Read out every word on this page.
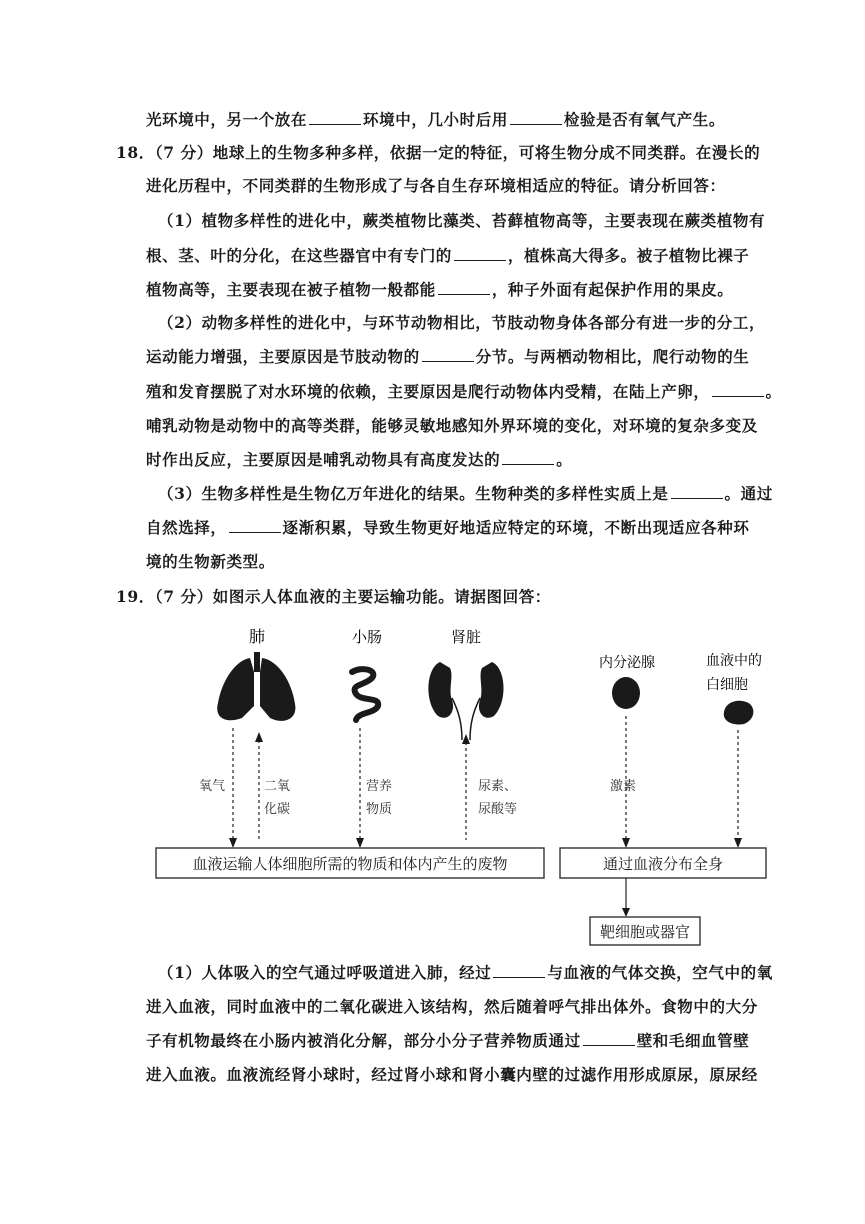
光环境中，另一个放在	环境中，几小时后用	检验是否有氧气产生。
18．（7 分）地球上的生物多种多样，依据一定的特征，可将生物分成不同类群。在漫长的
进化历程中，不同类群的生物形成了与各自生存环境相适应的特征。请分析回答：
（1）植物多样性的进化中，蕨类植物比藻类、苔藓植物高等，主要表现在蕨类植物有
根、茎、叶的分化，在这些器官中有专门的	，植株高大得多。被子植物比裸子
植物高等，主要表现在被子植物一般都能	，种子外面有起保护作用的果皮。
（2）动物多样性的进化中，与环节动物相比，节肢动物身体各部分有进一步的分工，
运动能力增强，主要原因是节肢动物的	分节。与两栖动物相比，爬行动物的生
殖和发育摆脱了对水环境的依赖，主要原因是爬行动物体内受精，在陆上产卵，	。
哺乳动物是动物中的高等类群，能够灵敏地感知外界环境的变化，对环境的复杂多变及
时作出反应，主要原因是哺乳动物具有高度发达的	。
（3）生物多样性是生物亿万年进化的结果。生物种类的多样性实质上是	。通过
自然选择，	逐渐积累，导致生物更好地适应特定的环境，不断出现适应各种环
境的生物新类型。
19．（7 分）如图示人体血液的主要运输功能。请据图回答：
（1）人体吸入的空气通过呼吸道进入肺，经过	与血液的气体交换，空气中的氧
进入血液，同时血液中的二氧化碳进入该结构，然后随着呼气排出体外。食物中的大分
子有机物最终在小肠内被消化分解，部分小分子营养物质通过	壁和毛细血管壁
进入血液。血液流经肾小球时，经过肾小球和肾小囊内壁的过滤作用形成原尿，原尿经
肺	小肠	肾脏
内分泌腺	血液中的
白细胞
氧气	二氧
化碳
营养
物质
尿素、
尿酸等
激素
血液运输人体细胞所需的物质和体内产生的废物	通过血液分布全身
靶细胞或器官
